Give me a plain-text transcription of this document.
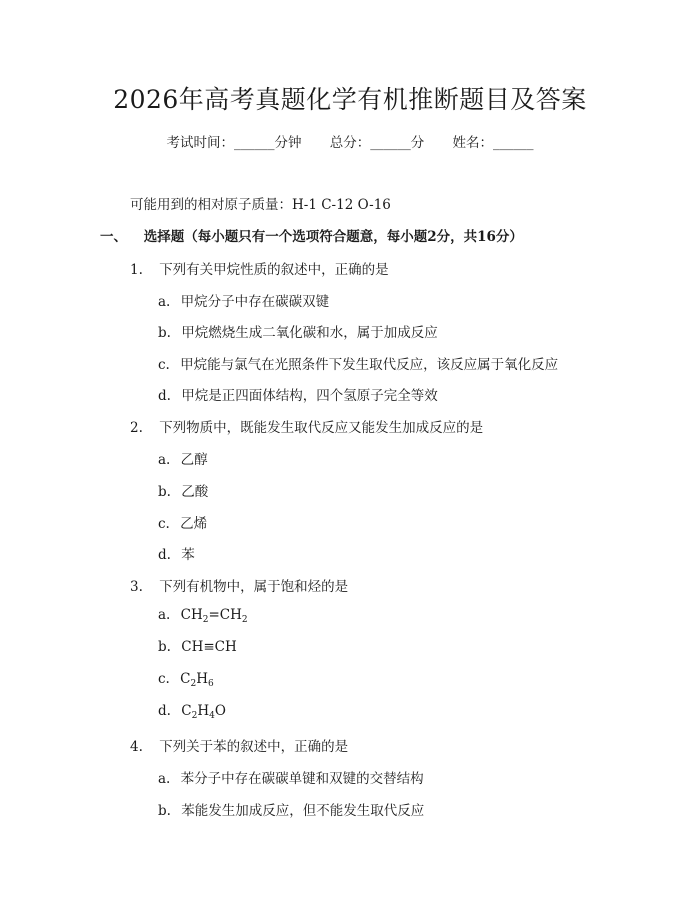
2026年高考真题化学有机推断题目及答案
考试时间：______分钟 总分：______分 姓名：______
可能用到的相对原子质量：H-1 C-12 O-16
一、 选择题（每小题只有一个选项符合题意，每小题2分，共16分）
1. 下列有关甲烷性质的叙述中，正确的是
a. 甲烷分子中存在碳碳双键
b. 甲烷燃烧生成二氧化碳和水，属于加成反应
c. 甲烷能与氯气在光照条件下发生取代反应，该反应属于氧化反应
d. 甲烷是正四面体结构，四个氢原子完全等效
2. 下列物质中，既能发生取代反应又能发生加成反应的是
a. 乙醇
b. 乙酸
c. 乙烯
d. 苯
3. 下列有机物中，属于饱和烃的是
a. $CH_2=CH_2$
b. CH≡CH
c. $C_2H_6$
d. $C_2H_4O$
4. 下列关于苯的叙述中，正确的是
a. 苯分子中存在碳碳单键和双键的交替结构
b. 苯能发生加成反应，但不能发生取代反应
